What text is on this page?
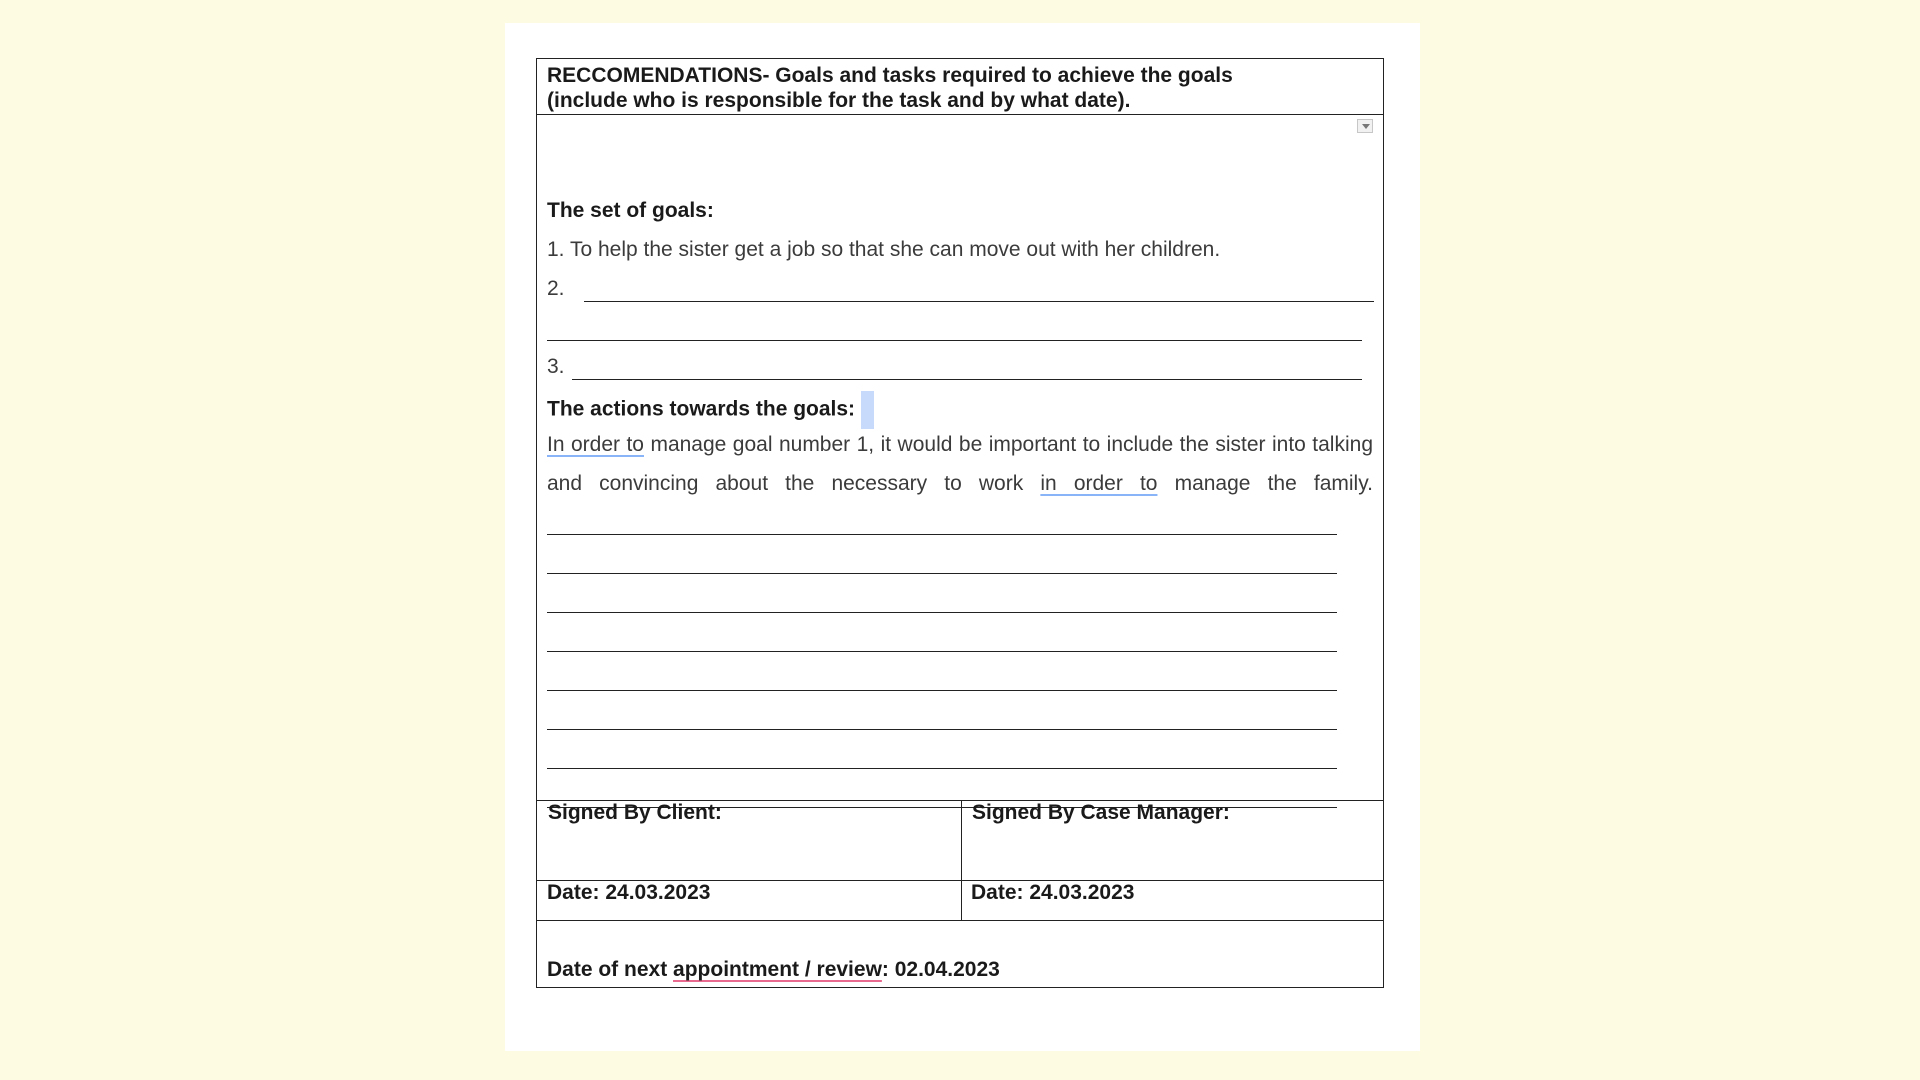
RECCOMENDATIONS- Goals and tasks required to achieve the goals
(include who is responsible for the task and by what date).
The set of goals:
1. To help the sister get a job so that she can move out with her children.
2.
3.
The actions towards the goals:
In order to manage goal number 1, it would be important to include the sister into talking and convincing about the necessary to work in order to manage the family.
Signed By Client:	Signed By Case Manager:
Date: 24.03.2023	Date: 24.03.2023
Date of next appointment / review: 02.04.2023
